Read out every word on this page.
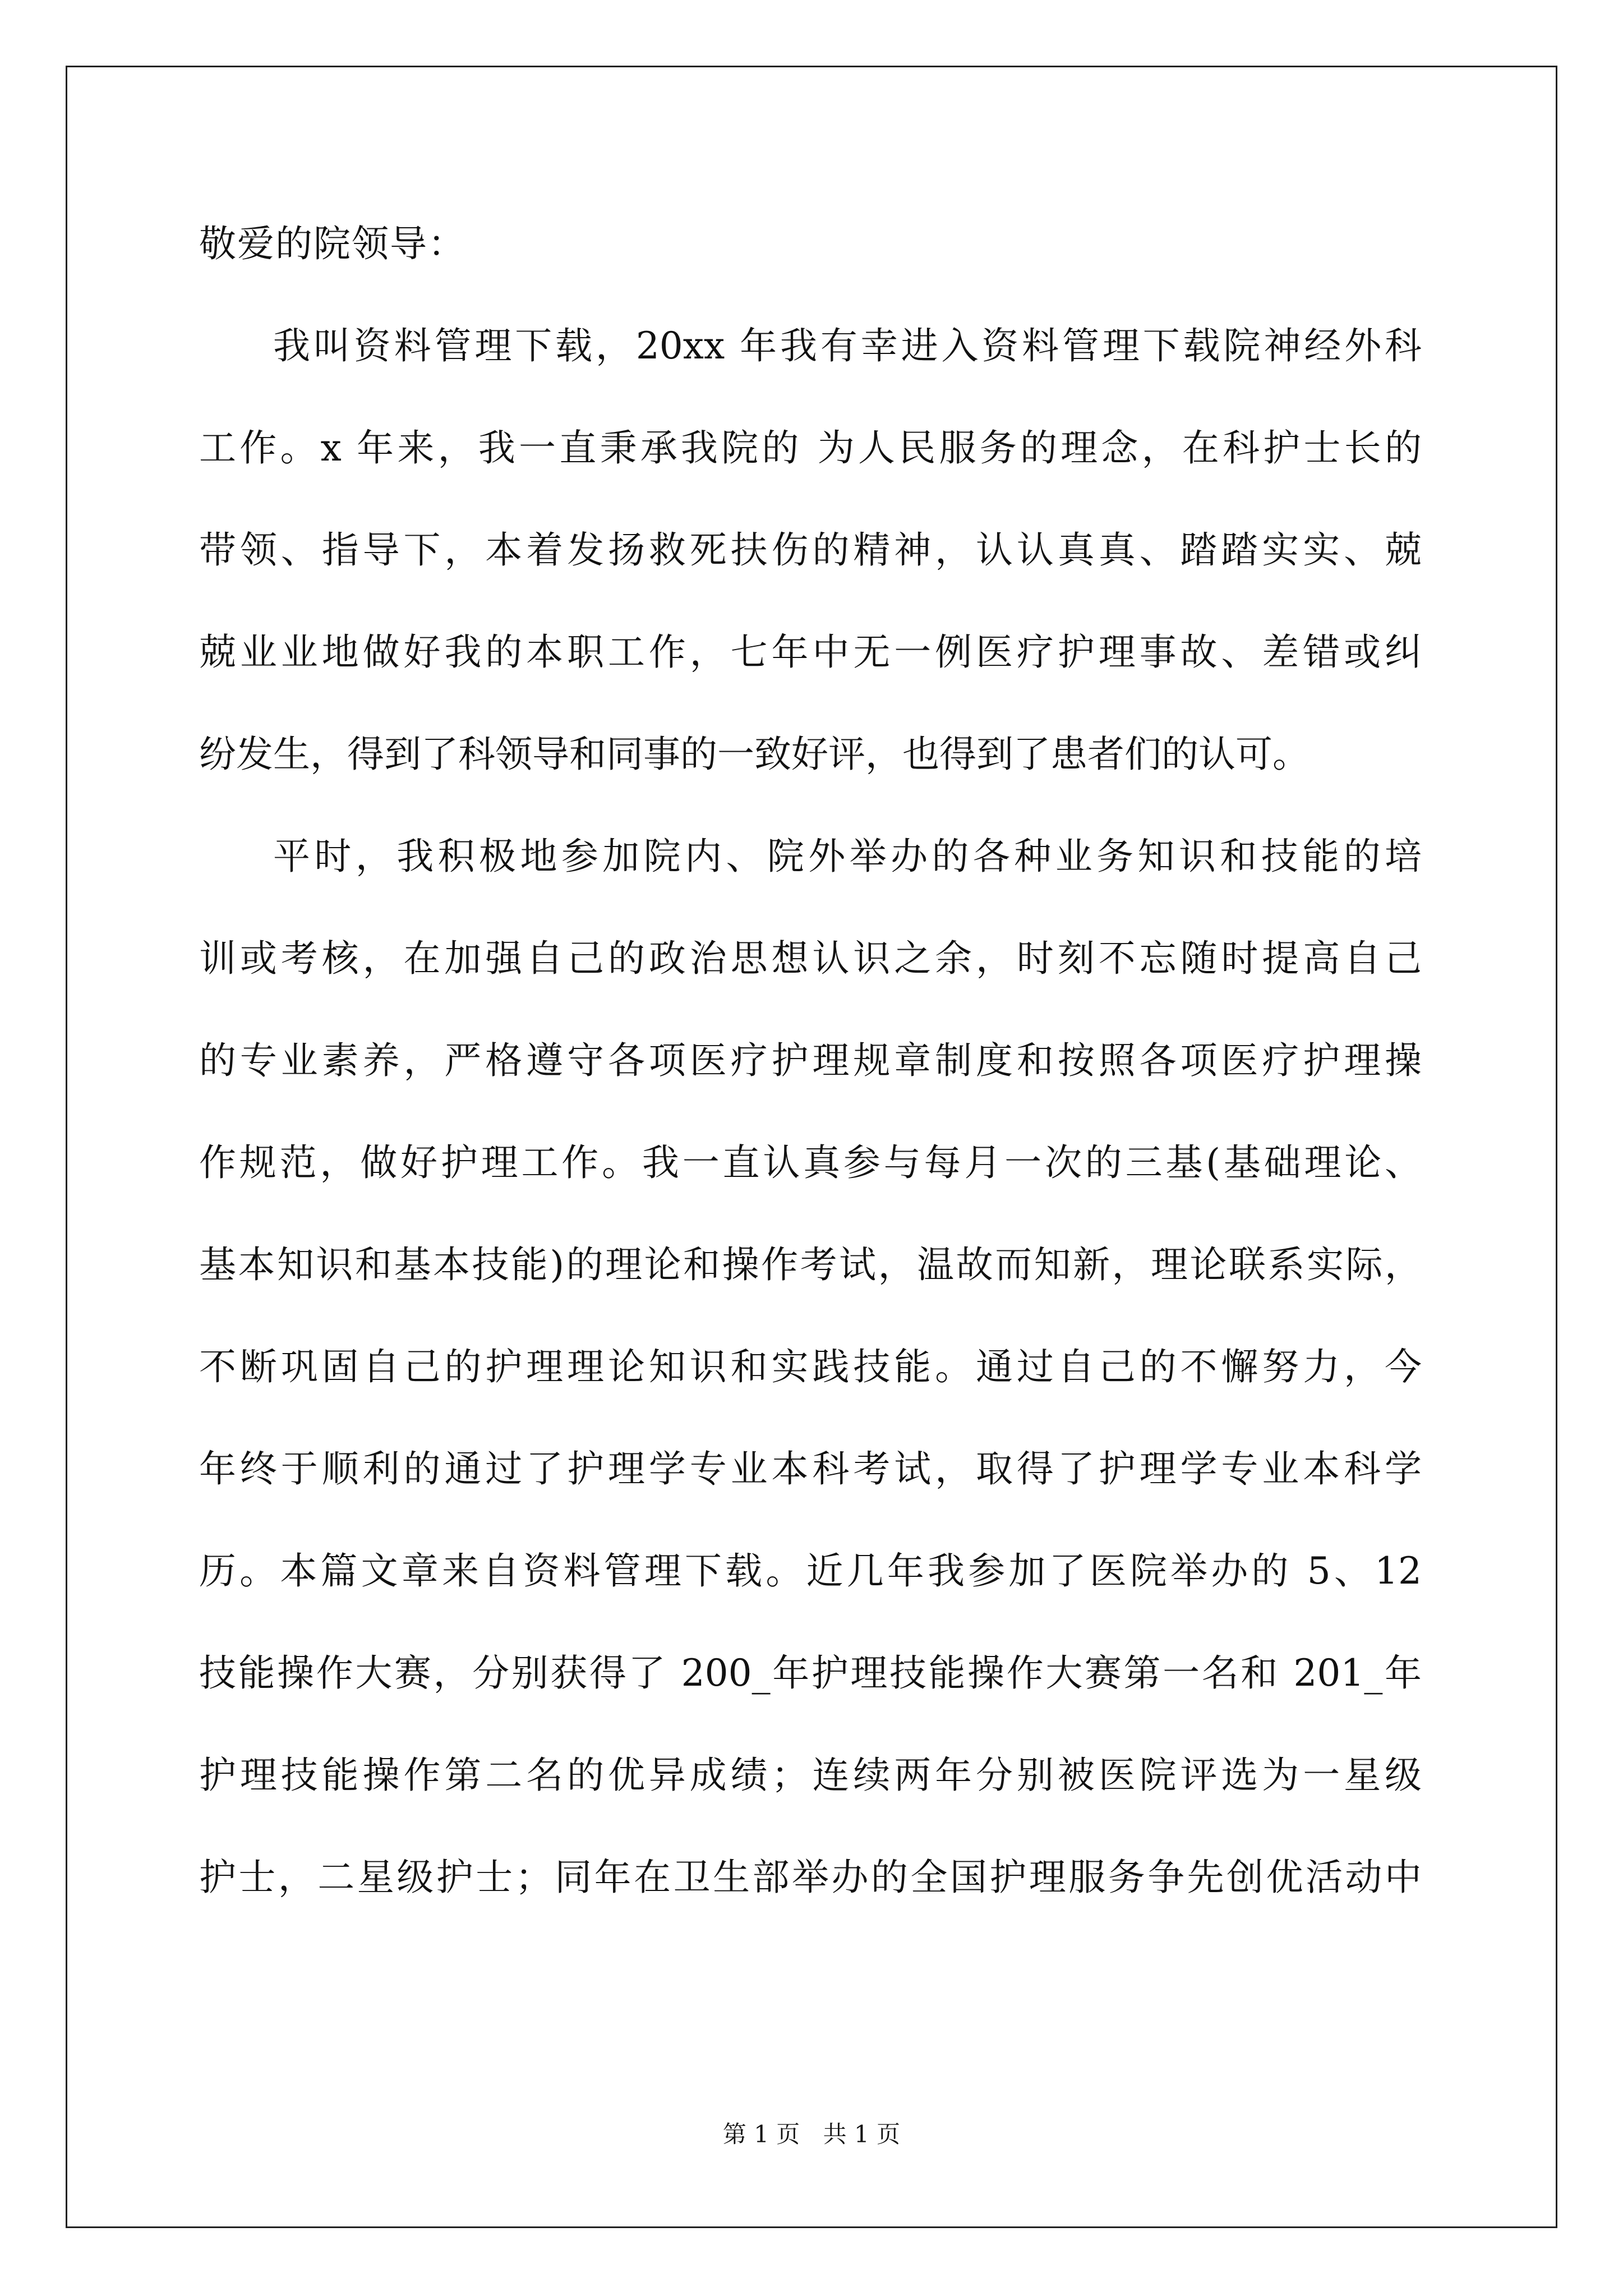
敬爱的院领导：
我叫资料管理下载，20xx 年我有幸进入资料管理下载院神经外科
工作。x 年来，我一直秉承我院的 为人民服务的理念，在科护士长的
带领、指导下，本着发扬救死扶伤的精神，认认真真、踏踏实实、兢
兢业业地做好我的本职工作，七年中无一例医疗护理事故、差错或纠
纷发生，得到了科领导和同事的一致好评，也得到了患者们的认可。
平时，我积极地参加院内、院外举办的各种业务知识和技能的培
训或考核，在加强自己的政治思想认识之余，时刻不忘随时提高自己
的专业素养，严格遵守各项医疗护理规章制度和按照各项医疗护理操
作规范，做好护理工作。我一直认真参与每月一次的三基(基础理论、
基本知识和基本技能)的理论和操作考试，温故而知新，理论联系实际，
不断巩固自己的护理理论知识和实践技能。通过自己的不懈努力，今
年终于顺利的通过了护理学专业本科考试，取得了护理学专业本科学
历。本篇文章来自资料管理下载。近几年我参加了医院举办的 5、12
技能操作大赛，分别获得了 200_年护理技能操作大赛第一名和 201_年
护理技能操作第二名的优异成绩；连续两年分别被医院评选为一星级
护士，二星级护士；同年在卫生部举办的全国护理服务争先创优活动中
第 1 页 共 1 页
